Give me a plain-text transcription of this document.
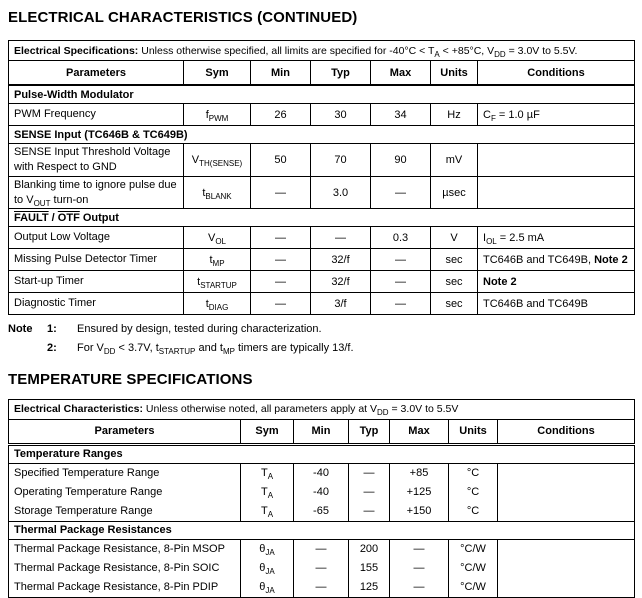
ELECTRICAL CHARACTERISTICS (CONTINUED)
Electrical Specifications: Unless otherwise specified, all limits are specified for $-40^\circ C < T_A < +85^\circ C$, $V_{DD} = 3.0V$ to 5.5V.						
Parameters	Sym	Min	Typ	Max	Units	Conditions
Pulse-Width Modulator						
PWM Frequency	$f_{PWM}$	26	30	34	Hz	$C_F = 1.0$ µF
SENSE Input (TC646B & TC649B)						
SENSE Input Threshold Voltage with Respect to GND	$V_{TH(SENSE)}$	50	70	90	mV	
Blanking time to ignore pulse due to $V_{OUT}$ turn-on	$t_{BLANK}$	—	3.0	—	µsec	
FAULT / $\overline{OTF}$ Output						
Output Low Voltage	$V_{OL}$	—	—	0.3	V	$I_{OL} = 2.5$ mA
Missing Pulse Detector Timer	$t_{MP}$	—	32/f	—	sec	TC646B and TC649B, Note 2
Start-up Timer	$t_{STARTUP}$	—	32/f	—	sec	Note 2
Diagnostic Timer	$t_{DIAG}$	—	3/f	—	sec	TC646B and TC649B
Note	1:	Ensured by design, tested during characterization.
2:	For $V_{DD} < 3.7V$, $t_{STARTUP}$ and $t_{MP}$ timers are typically 13/f.
TEMPERATURE SPECIFICATIONS
Electrical Characteristics: Unless otherwise noted, all parameters apply at $V_{DD} = 3.0V$ to 5.5V						
Parameters	Sym	Min	Typ	Max	Units	Conditions
Temperature Ranges						
Specified Temperature Range	$T_A$	-40	—	+85	°C	
Operating Temperature Range	$T_A$	-40	—	+125	°C	
Storage Temperature Range	$T_A$	-65	—	+150	°C	
Thermal Package Resistances						
Thermal Package Resistance, 8-Pin MSOP	$\theta_{JA}$	—	200	—	°C/W	
Thermal Package Resistance, 8-Pin SOIC	$\theta_{JA}$	—	155	—	°C/W	
Thermal Package Resistance, 8-Pin PDIP	$\theta_{JA}$	—	125	—	°C/W	
